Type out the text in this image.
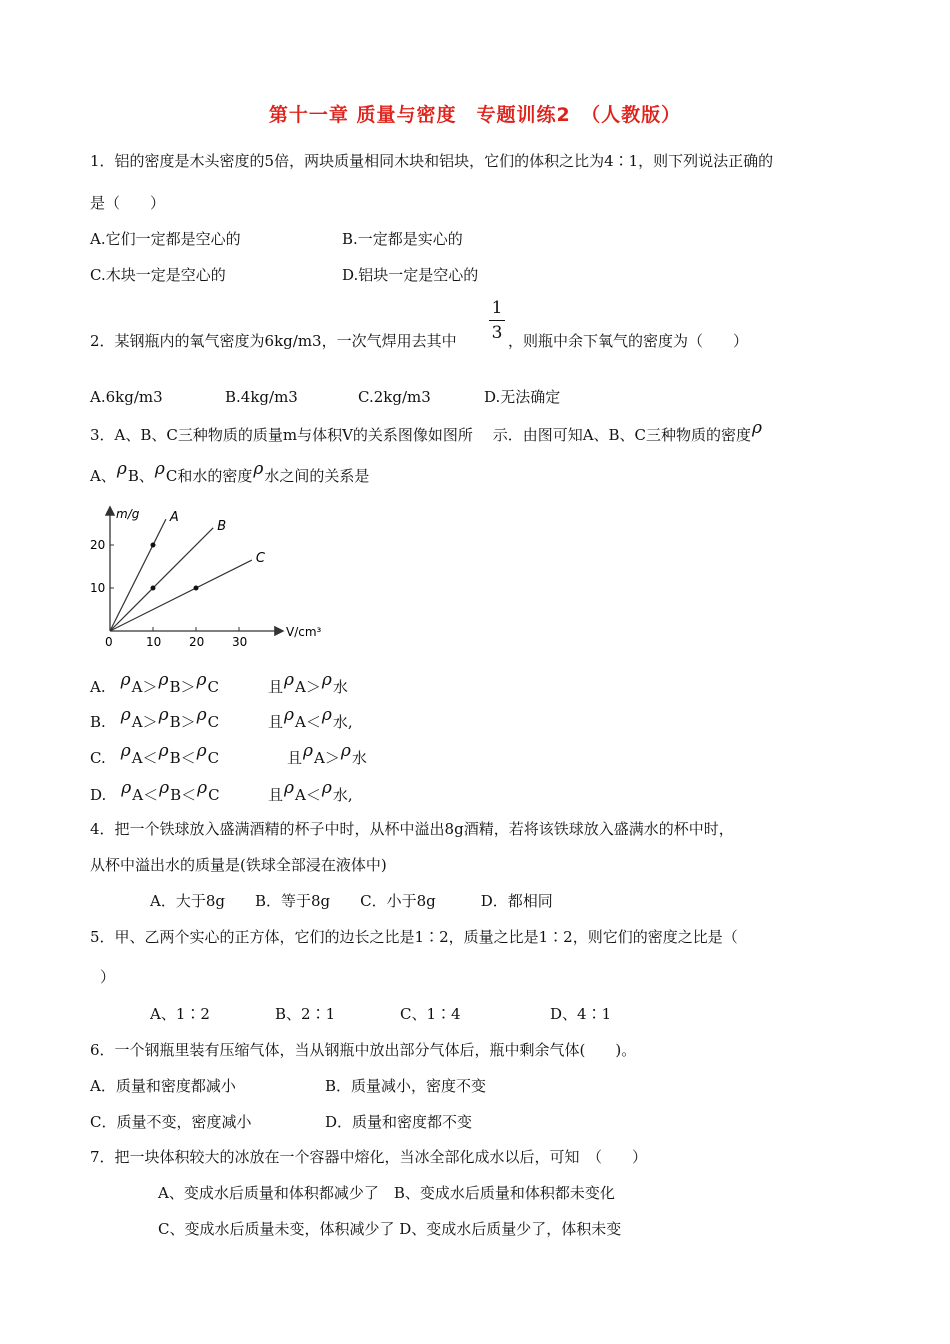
第十一章 质量与密度　专题训练2　（人教版）
1．铝的密度是木头密度的5倍，两块质量相同木块和铝块，它们的体积之比为4∶1，则下列说法正确的
是（　　）
A.它们一定都是空心的	B.一定都是实心的
C.木块一定是空心的	D.铝块一定是空心的
2．某钢瓶内的氧气密度为6kg/m3，一次气焊用去其中
1
3 ，则瓶中余下氧气的密度为（　　）
A.6kg/m3	B.4kg/m3	C.2kg/m3	D.无法确定
3．A、B、C三种物质的质量m与体积V的关系图像如图所　 示．由图可知A、B、C三种物质的密度ρ
A、ρB、ρC和水的密度ρ水之间的关系是
0	10 20 30
10
20
A
B
C
m/g
V/cm³
A. ρA＞ρB＞ρC	且ρA＞ρ水
B. ρA＞ρB＞ρC	且ρA＜ρ水,
C. ρA＜ρB＜ρC	且ρA＞ρ水
D. ρA＜ρB＜ρC	且ρA＜ρ水,
4．把一个铁球放入盛满酒精的杯子中时，从杯中溢出8g酒精，若将该铁球放入盛满水的杯中时，
从杯中溢出水的质量是(铁球全部浸在液体中)
A．大于8g　　B．等于8g　　C．小于8g　　　D．都相同
5．甲、乙两个实心的正方体，它们的边长之比是1∶2，质量之比是1∶2，则它们的密度之比是（
）
A、1∶2	B、2∶1	C、1∶4	D、4∶1
6．一个钢瓶里装有压缩气体，当从钢瓶中放出部分气体后，瓶中剩余气体(　　)。
A．质量和密度都减小	B．质量减小，密度不变
C．质量不变，密度减小	D．质量和密度都不变
7．把一块体积较大的冰放在一个容器中熔化，当冰全部化成水以后，可知　（　　）
A、变成水后质量和体积都减少了　B、变成水后质量和体积都未变化
C、变成水后质量未变，体积减少了 D、变成水后质量少了，体积未变
